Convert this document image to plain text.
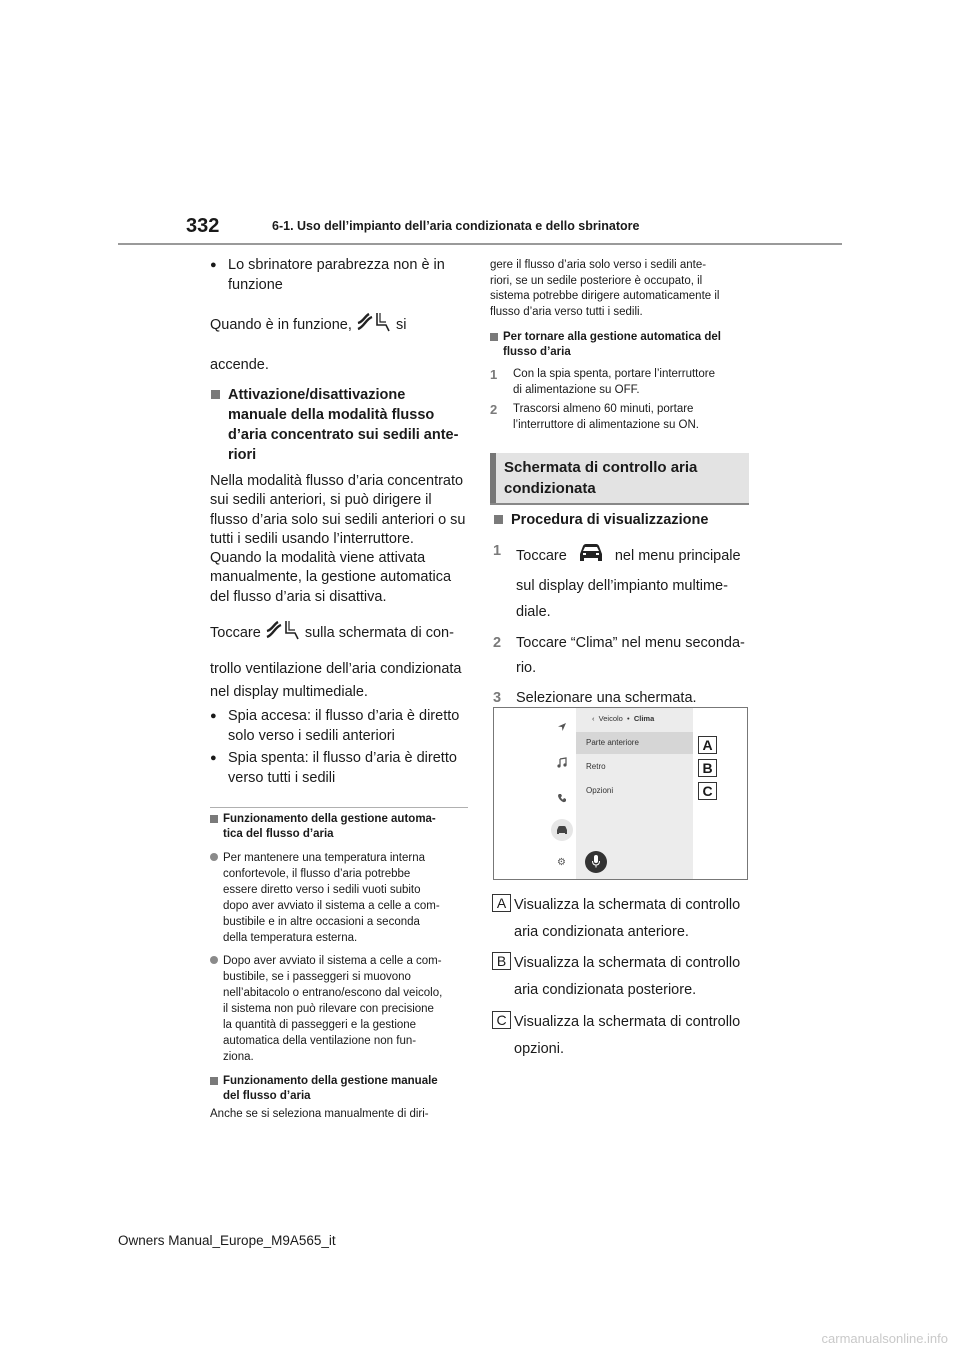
332	6-1. Uso dell’impianto dell’aria condizionata e dello sbrinatore
● Lo sbrinatore parabrezza non è in
funzione
Quando è in funzione,	si
accende.
Attivazione/disattivazione
manuale della modalità flusso
d’aria concentrato sui sedili ante-
riori
Nella modalità flusso d’aria concentrato
sui sedili anteriori, si può dirigere il
flusso d’aria solo sui sedili anteriori o su
tutti i sedili usando l’interruttore.
Quando la modalità viene attivata
manualmente, la gestione automatica
del flusso d’aria si disattiva.
Toccare	sulla schermata di con-
trollo ventilazione dell’aria condizionata
nel display multimediale.
● Spia accesa: il flusso d’aria è diretto
solo verso i sedili anteriori
● Spia spenta: il flusso d’aria è diretto
verso tutti i sedili
Funzionamento della gestione automa-
tica del flusso d’aria
Per mantenere una temperatura interna
confortevole, il flusso d’aria potrebbe
essere diretto verso i sedili vuoti subito
dopo aver avviato il sistema a celle a com-
bustibile e in altre occasioni a seconda
della temperatura esterna.
Dopo aver avviato il sistema a celle a com-
bustibile, se i passeggeri si muovono
nell’abitacolo o entrano/escono dal veicolo,
il sistema non può rilevare con precisione
la quantità di passeggeri e la gestione
automatica della ventilazione non fun-
ziona.
Funzionamento della gestione manuale
del flusso d’aria
Anche se si seleziona manualmente di diri-
gere il flusso d’aria solo verso i sedili ante-
riori, se un sedile posteriore è occupato, il
sistema potrebbe dirigere automaticamente il
flusso d’aria verso tutti i sedili.
Per tornare alla gestione automatica del
flusso d’aria
1 Con la spia spenta, portare l’interruttore
di alimentazione su OFF.
2 Trascorsi almeno 60 minuti, portare
l’interruttore di alimentazione su ON.
Schermata di controllo aria
condizionata
Procedura di visualizzazione
1 Toccare	nel menu principale
sul display dell’impianto multime-
diale.
2 Toccare “Clima” nel menu seconda-
rio.
3 Selezionare una schermata.
⚙
‹ Veicolo • Clima
Parte anteriore
Retro
Opzioni
A
B
C
A Visualizza la schermata di controllo
aria condizionata anteriore.
B Visualizza la schermata di controllo
aria condizionata posteriore.
C Visualizza la schermata di controllo
opzioni.
Owners Manual_Europe_M9A565_it
carmanualsonline.info
